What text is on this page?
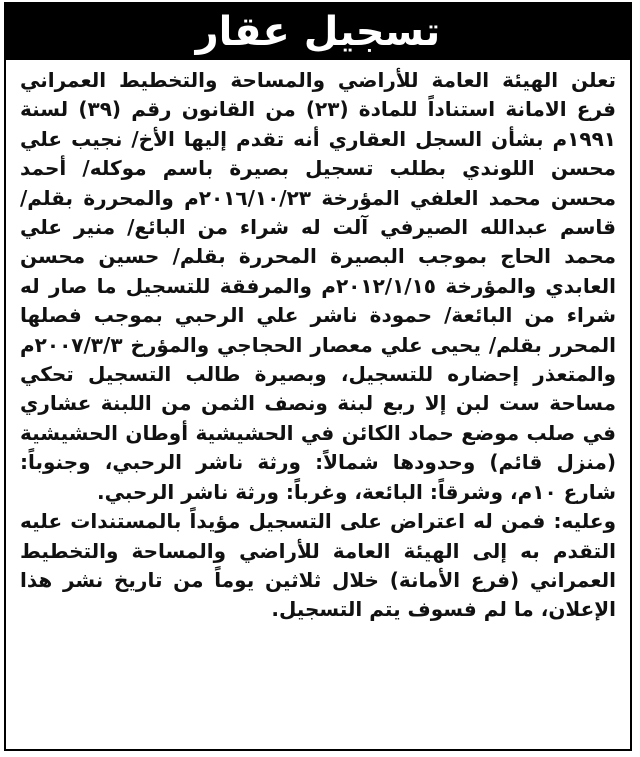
تسجيل عقار

تعلن الهيئة العامة للأراضي والمساحة والتخطيط العمراني فرع الامانة استناداً للمادة (٢٣) من القانون رقم (٣٩) لسنة ١٩٩١م بشأن السجل العقاري أنه تقدم إليها الأخ/ نجيب علي محسن اللوندي بطلب تسجيل بصيرة باسم موكله/ أحمد محسن محمد العلفي المؤرخة ٢٠١٦/١٠/٢٣م والمحررة بقلم/ قاسم عبدالله الصيرفي آلت له شراء من البائع/ منير علي محمد الحاج بموجب البصيرة المحررة بقلم/ حسين محسن العابدي والمؤرخة ٢٠١٢/١/١٥م والمرفقة للتسجيل ما صار له شراء من البائعة/ حمودة ناشر علي الرحبي بموجب فصلها المحرر بقلم/ يحيى علي معصار الحجاجي والمؤرخ ٢٠٠٧/٣/٣م والمتعذر إحضاره للتسجيل، وبصيرة طالب التسجيل تحكي مساحة ست لبن إلا ربع لبنة ونصف الثمن من اللبنة عشاري في صلب موضع حماد الكائن في الحشيشية أوطان الحشيشية (منزل قائم) وحدودها شمالاً: ورثة ناشر الرحبي، وجنوباً: شارع ١٠م، وشرقاً: البائعة، وغرباً: ورثة ناشر الرحبي.

وعليه: فمن له اعتراض على التسجيل مؤيداً بالمستندات عليه التقدم به إلى الهيئة العامة للأراضي والمساحة والتخطيط العمراني (فرع الأمانة) خلال ثلاثين يوماً من تاريخ نشر هذا الإعلان، ما لم فسوف يتم التسجيل.
